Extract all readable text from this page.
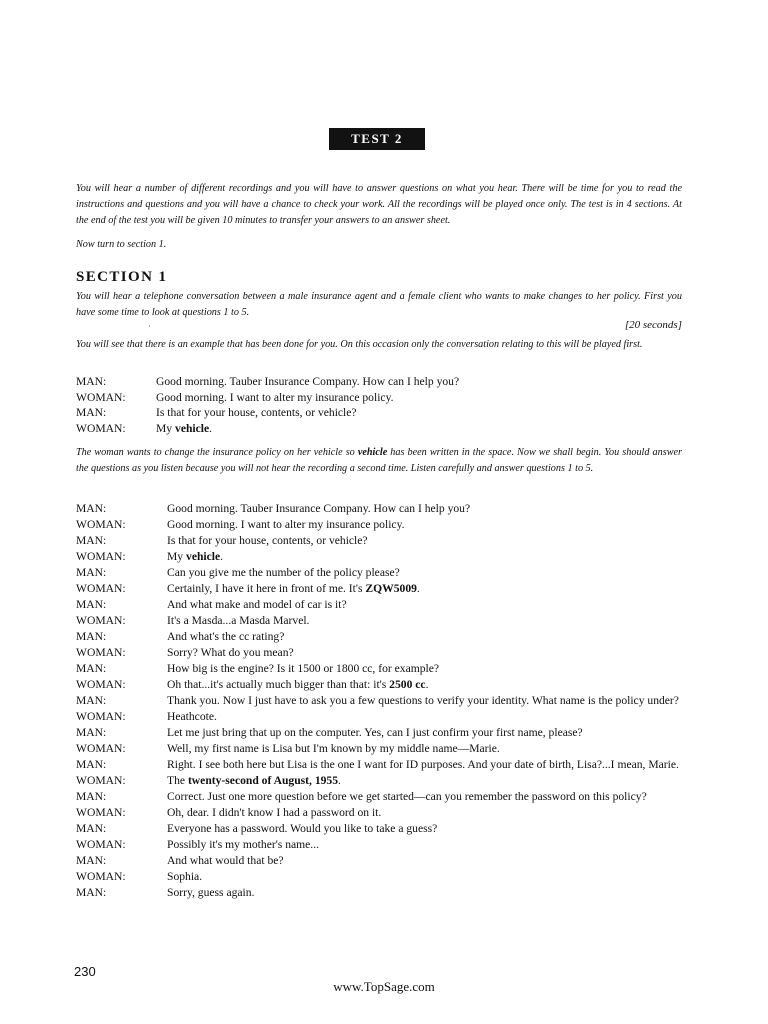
TEST 2
You will hear a number of different recordings and you will have to answer questions on what you hear. There will be time for you to read the instructions and questions and you will have a chance to check your work. All the recordings will be played once only. The test is in 4 sections. At the end of the test you will be given 10 minutes to transfer your answers to an answer sheet.
Now turn to section 1.
SECTION 1
You will hear a telephone conversation between a male insurance agent and a female client who wants to make changes to her policy. First you have some time to look at questions 1 to 5.
·	[20 seconds]
You will see that there is an example that has been done for you. On this occasion only the conversation relating to this will be played first.
MAN:	Good morning. Tauber Insurance Company. How can I help you?
WOMAN:	Good morning. I want to alter my insurance policy.
MAN:	Is that for your house, contents, or vehicle?
WOMAN:	My vehicle.
The woman wants to change the insurance policy on her vehicle so vehicle has been written in the space. Now we shall begin. You should answer the questions as you listen because you will not hear the recording a second time. Listen carefully and answer questions 1 to 5.
MAN:	Good morning. Tauber Insurance Company. How can I help you?
WOMAN:	Good morning. I want to alter my insurance policy.
MAN:	Is that for your house, contents, or vehicle?
WOMAN:	My vehicle.
MAN:	Can you give me the number of the policy please?
WOMAN:	Certainly, I have it here in front of me. It's ZQW5009.
MAN:	And what make and model of car is it?
WOMAN:	It's a Masda...a Masda Marvel.
MAN:	And what's the cc rating?
WOMAN:	Sorry? What do you mean?
MAN:	How big is the engine? Is it 1500 or 1800 cc, for example?
WOMAN:	Oh that...it's actually much bigger than that: it's 2500 cc.
MAN:	Thank you. Now I just have to ask you a few questions to verify your identity. What name is the policy under?
WOMAN:	Heathcote.
MAN:	Let me just bring that up on the computer. Yes, can I just confirm your first name, please?
WOMAN:	Well, my first name is Lisa but I'm known by my middle name—Marie.
MAN:	Right. I see both here but Lisa is the one I want for ID purposes. And your date of birth, Lisa?...I mean, Marie.
WOMAN:	The twenty-second of August, 1955.
MAN:	Correct. Just one more question before we get started—can you remember the password on this policy?
WOMAN:	Oh, dear. I didn't know I had a password on it.
MAN:	Everyone has a password. Would you like to take a guess?
WOMAN:	Possibly it's my mother's name...
MAN:	And what would that be?
WOMAN:	Sophia.
MAN:	Sorry, guess again.
230
www.TopSage.com
